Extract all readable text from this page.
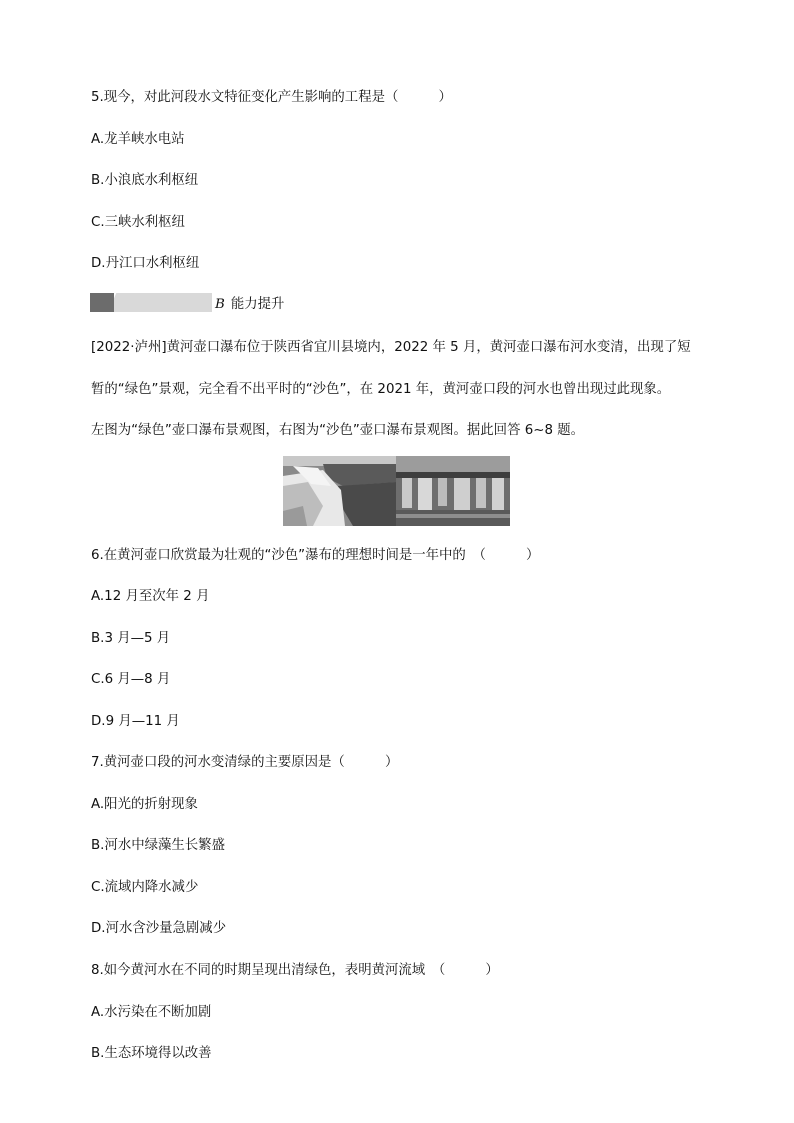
5.现今，对此河段水文特征变化产生影响的工程是（　　　）
A.龙羊峡水电站
B.小浪底水利枢纽
C.三峡水利枢纽
D.丹江口水利枢纽
B 能力提升
[2022·泸州]黄河壶口瀑布位于陕西省宜川县境内，2022 年 5 月，黄河壶口瀑布河水变清，出现了短
暂的“绿色”景观，完全看不出平时的“沙色”，在 2021 年，黄河壶口段的河水也曾出现过此现象。
左图为“绿色”壶口瀑布景观图，右图为“沙色”壶口瀑布景观图。据此回答 6~8 题。
6.在黄河壶口欣赏最为壮观的“沙色”瀑布的理想时间是一年中的　（　　　）
A.12 月至次年 2 月
B.3 月—5 月
C.6 月—8 月
D.9 月—11 月
7.黄河壶口段的河水变清绿的主要原因是（　　　）
A.阳光的折射现象
B.河水中绿藻生长繁盛
C.流域内降水减少
D.河水含沙量急剧减少
8.如今黄河水在不同的时期呈现出清绿色，表明黄河流域　（　　　）
A.水污染在不断加剧
B.生态环境得以改善
